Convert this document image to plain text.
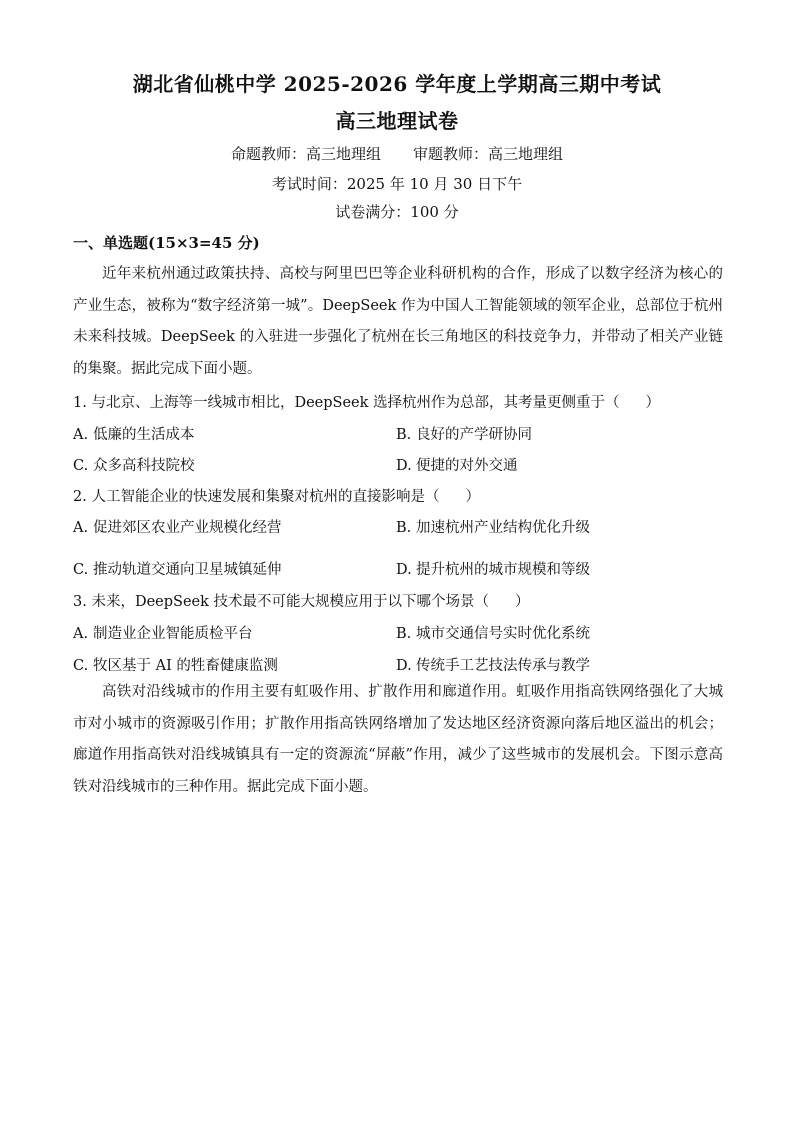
湖北省仙桃中学 2025-2026 学年度上学期高三期中考试
高三地理试卷
命题教师：高三地理组 审题教师：高三地理组
考试时间：2025 年 10 月 30 日下午
试卷满分：100 分
一、单选题(15×3=45 分)

近年来杭州通过政策扶持、高校与阿里巴巴等企业科研机构的合作，形成了以数字经济为核心的产业生态，被称为“数字经济第一城”。DeepSeek 作为中国人工智能领域的领军企业，总部位于杭州未来科技城。DeepSeek 的入驻进一步强化了杭州在长三角地区的科技竞争力，并带动了相关产业链的集聚。据此完成下面小题。

1. 与北京、上海等一线城市相比，DeepSeek 选择杭州作为总部，其考量更侧重于（ ）

A. 低廉的生活成本	B. 良好的产学研协同
C. 众多高科技院校	D. 便捷的对外交通

2. 人工智能企业的快速发展和集聚对杭州的直接影响是（ ）

A. 促进郊区农业产业规模化经营	B. 加速杭州产业结构优化升级
C. 推动轨道交通向卫星城镇延伸	D. 提升杭州的城市规模和等级

3. 未来，DeepSeek 技术最不可能大规模应用于以下哪个场景（ ）

A. 制造业企业智能质检平台	B. 城市交通信号实时优化系统
C. 牧区基于 AI 的牲畜健康监测	D. 传统手工艺技法传承与教学

高铁对沿线城市的作用主要有虹吸作用、扩散作用和廊道作用。虹吸作用指高铁网络强化了大城市对小城市的资源吸引作用；扩散作用指高铁网络增加了发达地区经济资源向落后地区溢出的机会；廊道作用指高铁对沿线城镇具有一定的资源流“屏蔽”作用，减少了这些城市的发展机会。下图示意高铁对沿线城市的三种作用。据此完成下面小题。
